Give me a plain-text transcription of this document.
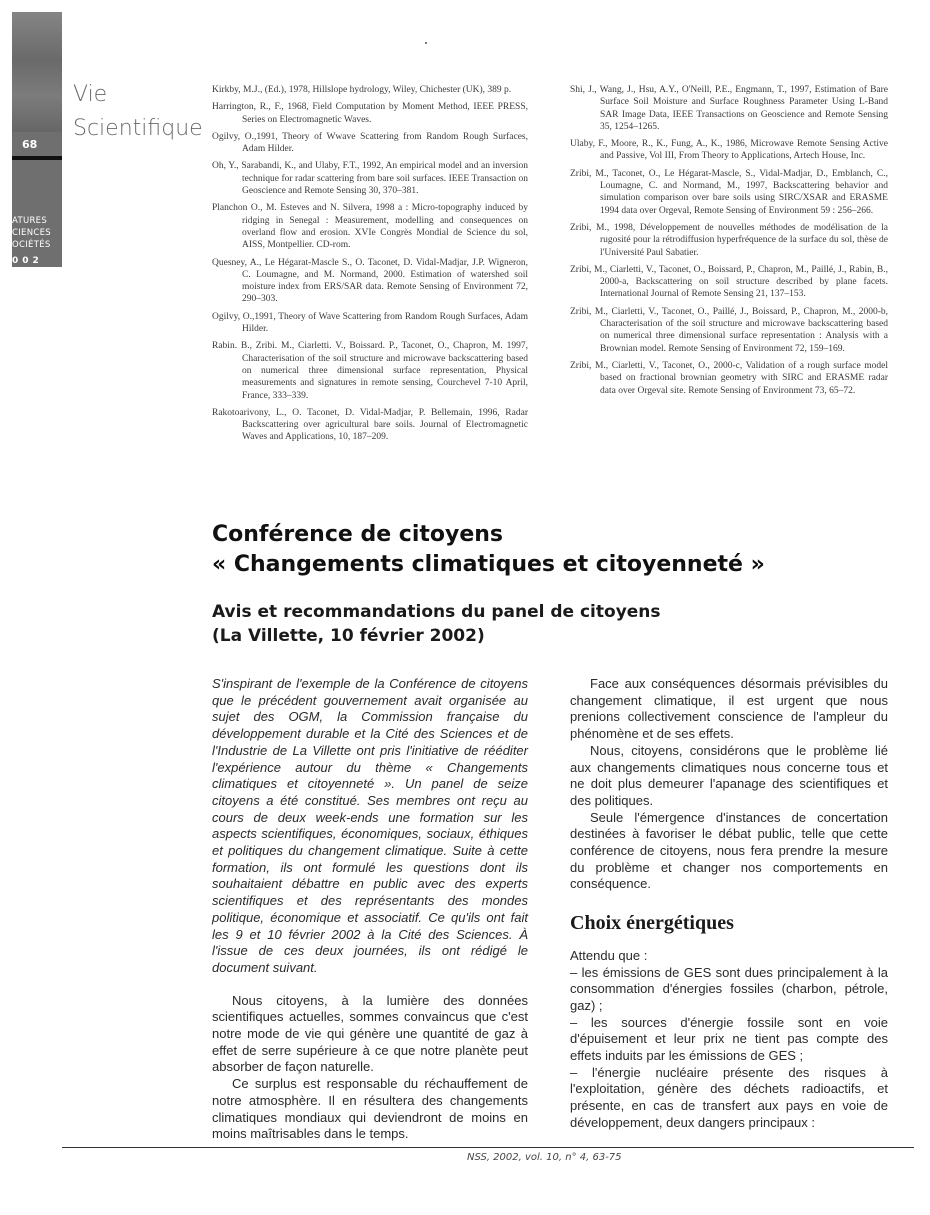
68
ATURES
CIENCES
OCIÉTÉS
002
Vie
Scientifique
Kirkby, M.J., (Ed.), 1978, Hillslope hydrology, Wiley, Chichester (UK), 389 p.
Harrington, R., F., 1968, Field Computation by Moment Method, IEEE PRESS, Series on Electromagnetic Waves.
Ogilvy, O.,1991, Theory of Wwave Scattering from Random Rough Surfaces, Adam Hilder.
Oh, Y., Sarabandi, K., and Ulaby, F.T., 1992, An empirical model and an inversion technique for radar scattering from bare soil surfaces. IEEE Transaction on Geoscience and Remote Sensing 30, 370–381.
Planchon O., M. Esteves and N. Silvera, 1998 a : Micro-topography induced by ridging in Senegal : Measurement, modelling and consequences on overland flow and erosion. XVIe Congrès Mondial de Science du sol, AISS, Montpellier. CD-rom.
Quesney, A., Le Hégarat-Mascle S., O. Taconet, D. Vidal-Madjar, J.P. Wigneron, C. Loumagne, and M. Normand, 2000. Estimation of watershed soil moisture index from ERS/SAR data. Remote Sensing of Environment 72, 290–303.
Ogilvy, O.,1991, Theory of Wave Scattering from Random Rough Surfaces, Adam Hilder.
Rabin. B., Zribi. M., Ciarletti. V., Boissard. P., Taconet, O., Chapron, M. 1997, Characterisation of the soil structure and microwave backscattering based on numerical three dimensional surface representation, Physical measurements and signatures in remote sensing, Courchevel 7-10 April, France, 333–339.
Rakotoarivony, L., O. Taconet, D. Vidal-Madjar, P. Bellemain, 1996, Radar Backscattering over agricultural bare soils. Journal of Electromagnetic Waves and Applications, 10, 187–209.
Shi, J., Wang, J., Hsu, A.Y., O'Neill, P.E., Engmann, T., 1997, Estimation of Bare Surface Soil Moisture and Surface Roughness Parameter Using L-Band SAR Image Data, IEEE Transactions on Geoscience and Remote Sensing 35, 1254–1265.
Ulaby, F., Moore, R., K., Fung, A., K., 1986, Microwave Remote Sensing Active and Passive, Vol III, From Theory to Applications, Artech House, Inc.
Zribi, M., Taconet, O., Le Hégarat-Mascle, S., Vidal-Madjar, D., Emblanch, C., Loumagne, C. and Normand, M., 1997, Backscattering behavior and simulation comparison over bare soils using SIRC/XSAR and ERASME 1994 data over Orgeval, Remote Sensing of Environment 59 : 256–266.
Zribi, M., 1998, Développement de nouvelles méthodes de modélisation de la rugosité pour la rétrodiffusion hyperfréquence de la surface du sol, thèse de l'Université Paul Sabatier.
Zribi, M., Ciarletti, V., Taconet, O., Boissard, P., Chapron, M., Paillé, J., Rabin, B., 2000-a, Backscattering on soil structure described by plane facets. International Journal of Remote Sensing 21, 137–153.
Zribi, M., Ciarletti, V., Taconet, O., Paillé, J., Boissard, P., Chapron, M., 2000-b, Characterisation of the soil structure and microwave backscattering based on numerical three dimensional surface representation : Analysis with a Brownian model. Remote Sensing of Environment 72, 159–169.
Zribi, M., Ciarletti, V., Taconet, O., 2000-c, Validation of a rough surface model based on fractional brownian geometry with SIRC and ERASME radar data over Orgeval site. Remote Sensing of Environment 73, 65–72.
Conférence de citoyens
« Changements climatiques et citoyenneté »
Avis et recommandations du panel de citoyens
(La Villette, 10 février 2002)

S'inspirant de l'exemple de la Conférence de citoyens que le précédent gouvernement avait organisée au sujet des OGM, la Commission française du développement durable et la Cité des Sciences et de l'Industrie de La Villette ont pris l'initiative de rééditer l'expérience autour du thème « Changements climatiques et citoyenneté ». Un panel de seize citoyens a été constitué. Ses membres ont reçu au cours de deux week-ends une formation sur les aspects scientifiques, économiques, sociaux, éthiques et politiques du changement climatique. Suite à cette formation, ils ont formulé les questions dont ils souhaitaient débattre en public avec des experts scientifiques et des représentants des mondes politique, économique et associatif. Ce qu'ils ont fait les 9 et 10 février 2002 à la Cité des Sciences. À l'issue de ces deux journées, ils ont rédigé le document suivant.

Nous citoyens, à la lumière des données scientifiques actuelles, sommes convaincus que c'est notre mode de vie qui génère une quantité de gaz à effet de serre supérieure à ce que notre planète peut absorber de façon naturelle.

Ce surplus est responsable du réchauffement de notre atmosphère. Il en résultera des changements climatiques mondiaux qui deviendront de moins en moins maîtrisables dans le temps.

Face aux conséquences désormais prévisibles du changement climatique, il est urgent que nous prenions collectivement conscience de l'ampleur du phénomène et de ses effets.

Nous, citoyens, considérons que le problème lié aux changements climatiques nous concerne tous et ne doit plus demeurer l'apanage des scientifiques et des politiques.

Seule l'émergence d'instances de concertation destinées à favoriser le débat public, telle que cette conférence de citoyens, nous fera prendre la mesure du problème et changer nos comportements en conséquence.

Choix énergétiques

Attendu que :

– les émissions de GES sont dues principalement à la consommation d'énergies fossiles (charbon, pétrole, gaz) ;

– les sources d'énergie fossile sont en voie d'épuisement et leur prix ne tient pas compte des effets induits par les émissions de GES ;

– l'énergie nucléaire présente des risques à l'exploitation, génère des déchets radioactifs, et présente, en cas de transfert aux pays en voie de développement, deux dangers principaux :

NSS, 2002, vol. 10, n° 4, 63-75
